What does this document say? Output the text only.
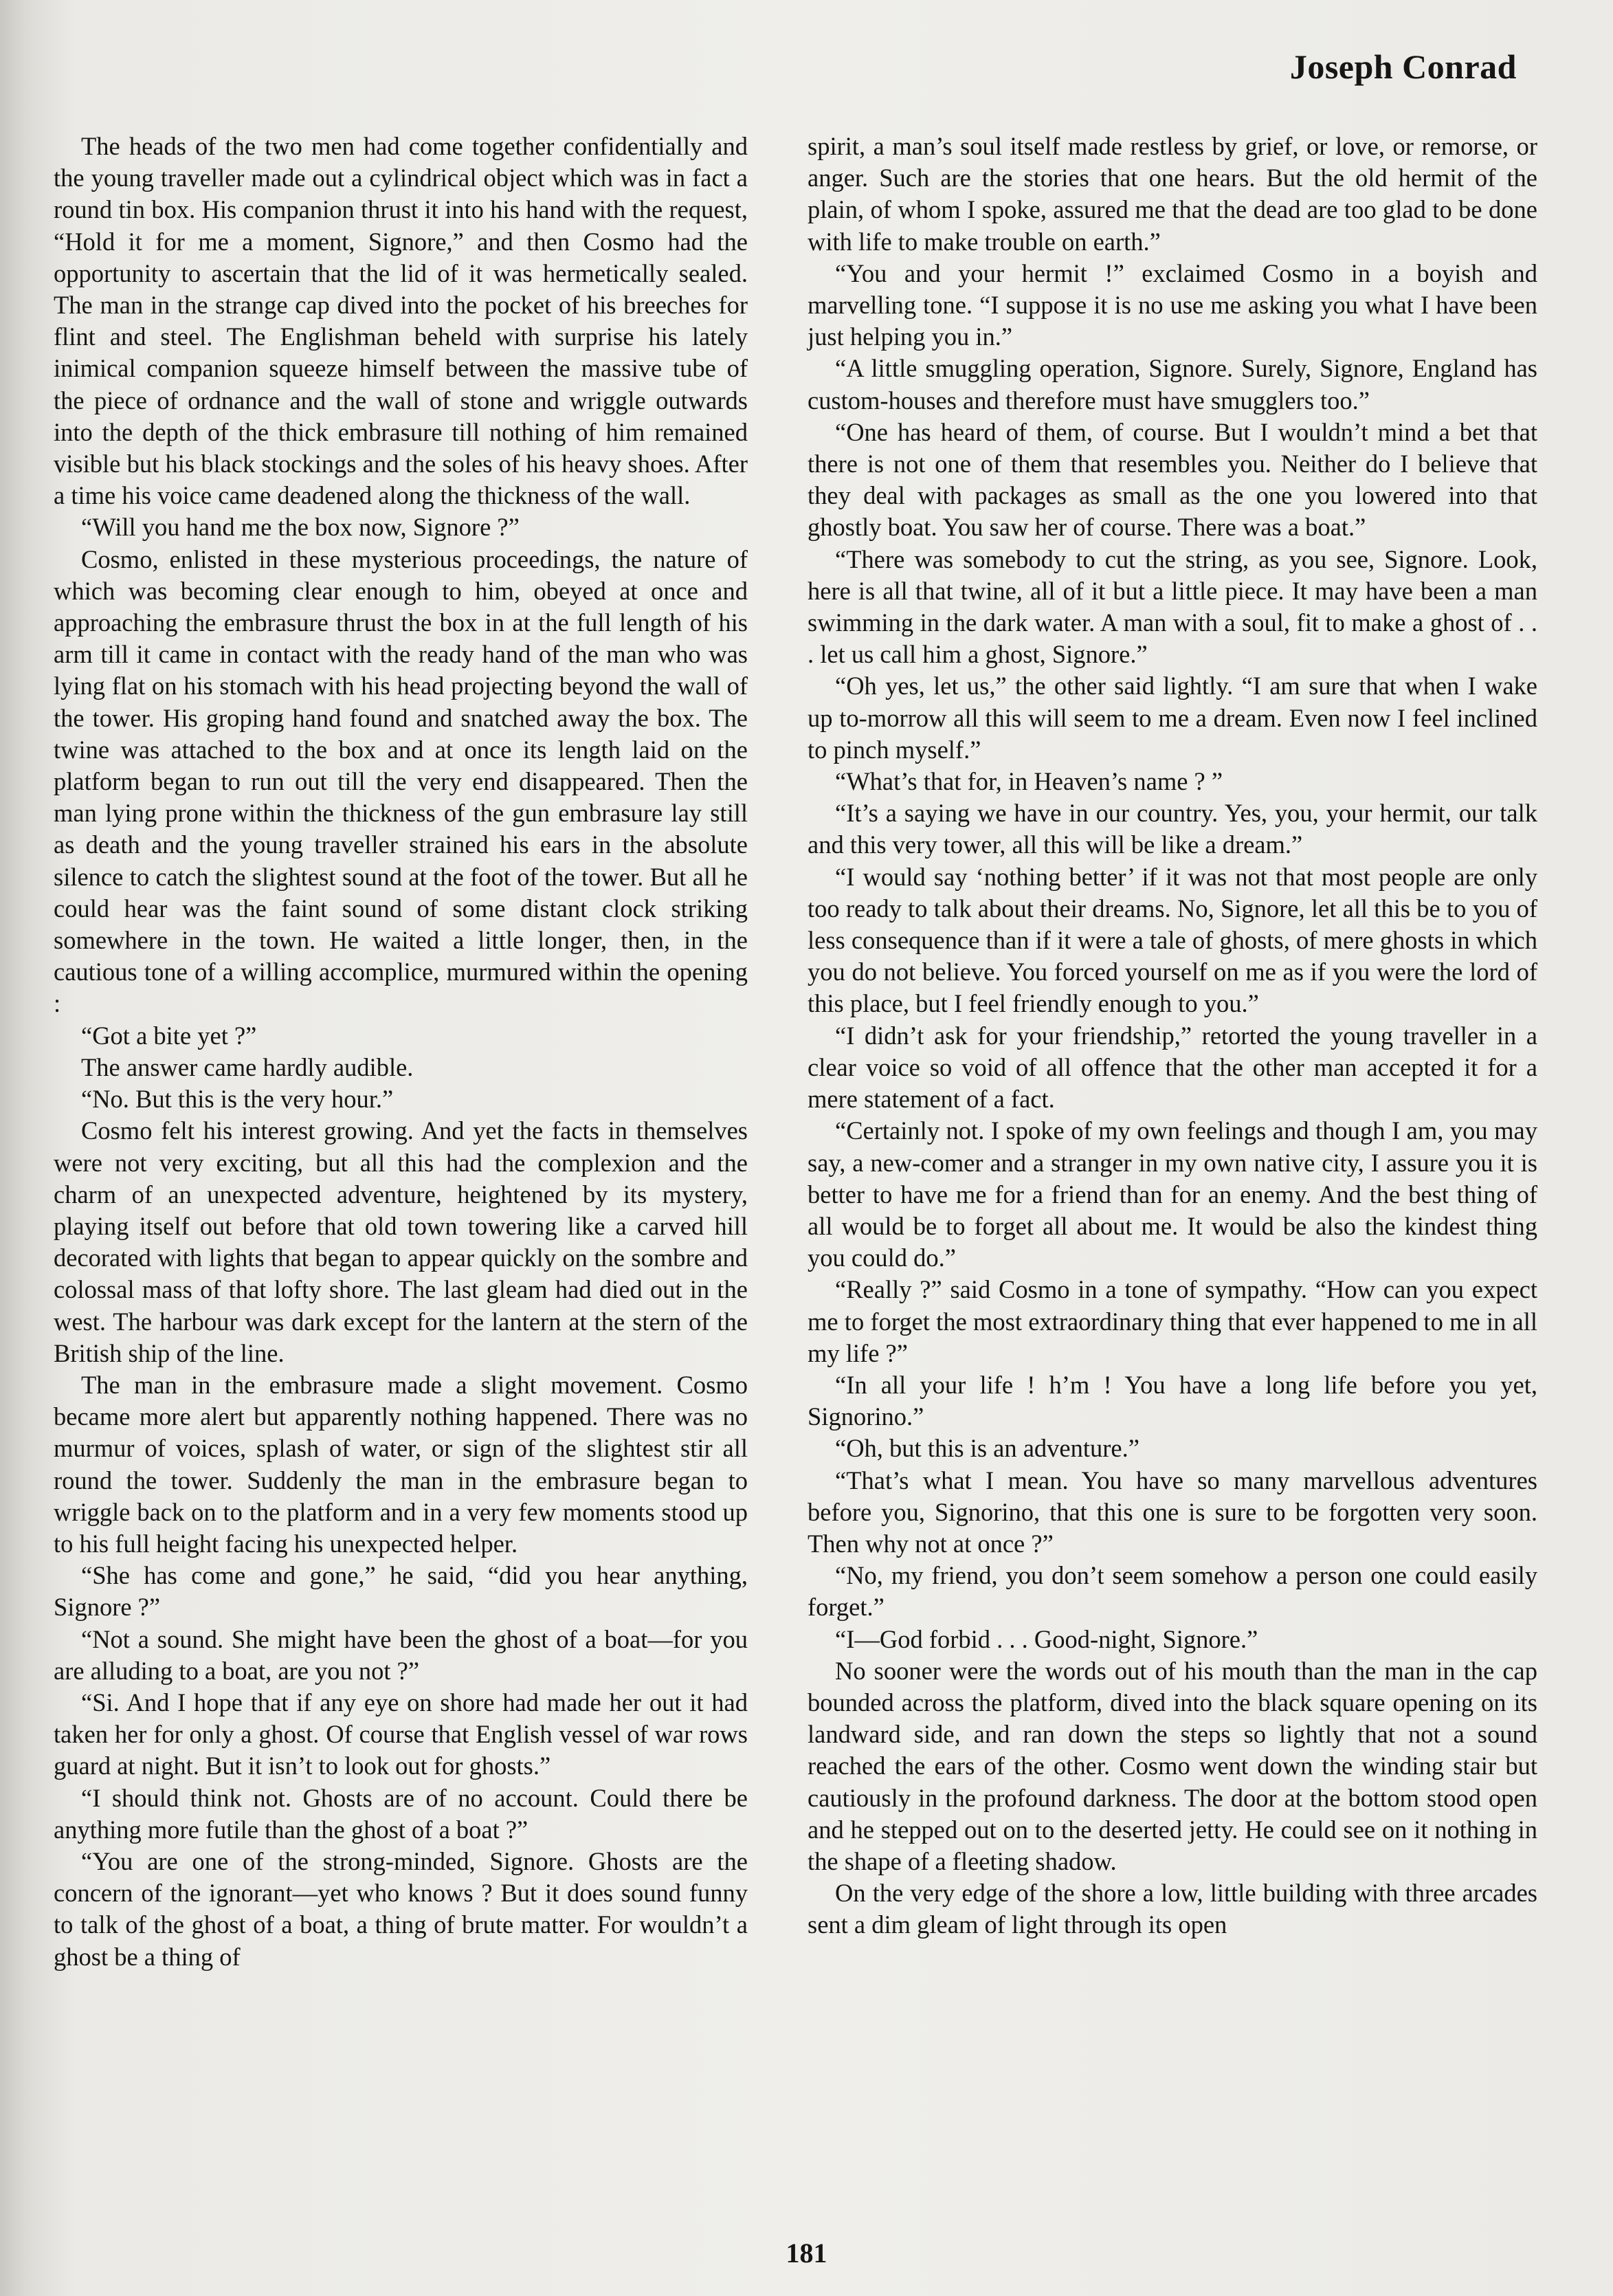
Joseph Conrad

The heads of the two men had come together confidentially and the young traveller made out a cylindrical object which was in fact a round tin box. His companion thrust it into his hand with the request, “Hold it for me a moment, Signore,” and then Cosmo had the opportunity to ascertain that the lid of it was hermetically sealed. The man in the strange cap dived into the pocket of his breeches for flint and steel. The Englishman beheld with surprise his lately inimical companion squeeze himself between the massive tube of the piece of ordnance and the wall of stone and wriggle outwards into the depth of the thick embrasure till nothing of him remained visible but his black stockings and the soles of his heavy shoes. After a time his voice came deadened along the thickness of the wall.

“Will you hand me the box now, Signore ?”

Cosmo, enlisted in these mysterious proceedings, the nature of which was becoming clear enough to him, obeyed at once and approaching the embrasure thrust the box in at the full length of his arm till it came in contact with the ready hand of the man who was lying flat on his stomach with his head projecting beyond the wall of the tower. His groping hand found and snatched away the box. The twine was attached to the box and at once its length laid on the platform began to run out till the very end disappeared. Then the man lying prone within the thickness of the gun embrasure lay still as death and the young traveller strained his ears in the absolute silence to catch the slightest sound at the foot of the tower. But all he could hear was the faint sound of some distant clock striking somewhere in the town. He waited a little longer, then, in the cautious tone of a willing accomplice, murmured within the opening :

“Got a bite yet ?”

The answer came hardly audible.

“No. But this is the very hour.”

Cosmo felt his interest growing. And yet the facts in themselves were not very exciting, but all this had the complexion and the charm of an unexpected adventure, heightened by its mystery, playing itself out before that old town towering like a carved hill decorated with lights that began to appear quickly on the sombre and colossal mass of that lofty shore. The last gleam had died out in the west. The harbour was dark except for the lantern at the stern of the British ship of the line.

The man in the embrasure made a slight movement. Cosmo became more alert but apparently nothing happened. There was no murmur of voices, splash of water, or sign of the slightest stir all round the tower. Suddenly the man in the embrasure began to wriggle back on to the platform and in a very few moments stood up to his full height facing his unexpected helper.

“She has come and gone,” he said, “did you hear anything, Signore ?”

“Not a sound. She might have been the ghost of a boat—for you are alluding to a boat, are you not ?”

“Si. And I hope that if any eye on shore had made her out it had taken her for only a ghost. Of course that English vessel of war rows guard at night. But it isn’t to look out for ghosts.”

“I should think not. Ghosts are of no account. Could there be anything more futile than the ghost of a boat ?”

“You are one of the strong-minded, Signore. Ghosts are the concern of the ignorant—yet who knows ? But it does sound funny to talk of the ghost of a boat, a thing of brute matter. For wouldn’t a ghost be a thing of

spirit, a man’s soul itself made restless by grief, or love, or remorse, or anger. Such are the stories that one hears. But the old hermit of the plain, of whom I spoke, assured me that the dead are too glad to be done with life to make trouble on earth.”

“You and your hermit !” exclaimed Cosmo in a boyish and marvelling tone. “I suppose it is no use me asking you what I have been just helping you in.”

“A little smuggling operation, Signore. Surely, Signore, England has custom-houses and therefore must have smugglers too.”

“One has heard of them, of course. But I wouldn’t mind a bet that there is not one of them that resembles you. Neither do I believe that they deal with packages as small as the one you lowered into that ghostly boat. You saw her of course. There was a boat.”

“There was somebody to cut the string, as you see, Signore. Look, here is all that twine, all of it but a little piece. It may have been a man swimming in the dark water. A man with a soul, fit to make a ghost of . . . let us call him a ghost, Signore.”

“Oh yes, let us,” the other said lightly. “I am sure that when I wake up to-morrow all this will seem to me a dream. Even now I feel inclined to pinch myself.”

“What’s that for, in Heaven’s name ? ”

“It’s a saying we have in our country. Yes, you, your hermit, our talk and this very tower, all this will be like a dream.”

“I would say ‘nothing better’ if it was not that most people are only too ready to talk about their dreams. No, Signore, let all this be to you of less consequence than if it were a tale of ghosts, of mere ghosts in which you do not believe. You forced yourself on me as if you were the lord of this place, but I feel friendly enough to you.”

“I didn’t ask for your friendship,” retorted the young traveller in a clear voice so void of all offence that the other man accepted it for a mere statement of a fact.

“Certainly not. I spoke of my own feelings and though I am, you may say, a new-comer and a stranger in my own native city, I assure you it is better to have me for a friend than for an enemy. And the best thing of all would be to forget all about me. It would be also the kindest thing you could do.”

“Really ?” said Cosmo in a tone of sympathy. “How can you expect me to forget the most extraordinary thing that ever happened to me in all my life ?”

“In all your life ! h’m ! You have a long life before you yet, Signorino.”

“Oh, but this is an adventure.”

“That’s what I mean. You have so many marvellous adventures before you, Signorino, that this one is sure to be forgotten very soon. Then why not at once ?”

“No, my friend, you don’t seem somehow a person one could easily forget.”

“I—God forbid . . . Good-night, Signore.”

No sooner were the words out of his mouth than the man in the cap bounded across the platform, dived into the black square opening on its landward side, and ran down the steps so lightly that not a sound reached the ears of the other. Cosmo went down the winding stair but cautiously in the profound darkness. The door at the bottom stood open and he stepped out on to the deserted jetty. He could see on it nothing in the shape of a fleeting shadow.

On the very edge of the shore a low, little building with three arcades sent a dim gleam of light through its open

181
